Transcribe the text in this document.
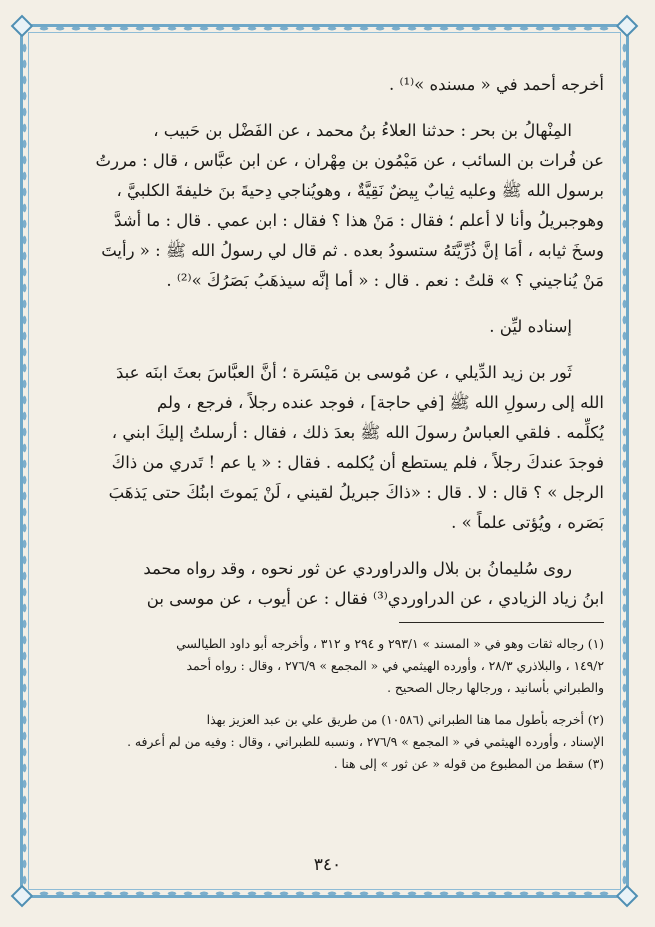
أخرجه أحمد في « مسنده »⁽¹⁾ .
المِنْهالُ بن بحر : حدثنا العلاءُ بنُ محمد ، عن الفَضْل بن حَبيب ،
عن فُرات بن السائب ، عن مَيْمُون بن مِهْران ، عن ابن عبَّاس ، قال : مررتُ
برسول الله ﷺ وعليه ثِيابٌ بِيضٌ نَقِيَّةٌ ، وهويُناجي دِحيةَ بنَ خليفةَ الكلبيَّ ،
وهوجبريلُ وأنا لا أعلم ؛ فقال : مَنْ هذا ؟ فقال : ابن عمي . قال : ما أشدَّ
وسخَ ثيابه ، أمَا إنَّ ذُرِّيَّتَهُ ستسودُ بعده . ثم قال لي رسولُ الله ﷺ : « رأيتَ
مَنْ يُناجيني ؟ » قلتُ : نعم . قال : « أما إنَّه سيذهَبُ بَصَرُكَ »⁽²⁾ .
إسناده ليِّن .
ثَور بن زيد الدِّيلي ، عن مُوسى بن مَيْسَرة ؛ أنَّ العبَّاسَ بعثَ ابنَه عبدَ
الله إلى رسولِ الله ﷺ [في حاجة] ، فوجد عنده رجلاً ، فرجع ، ولم
يُكلِّمه . فلقي العباسُ رسولَ الله ﷺ بعدَ ذلك ، فقال : أرسلتُ إليكَ ابني ،
فوجدَ عندكَ رجلاً ، فلم يستطع أن يُكلمه . فقال : « يا عم ! تَدري من ذاكَ
الرجل » ؟ قال : لا . قال : «ذاكَ جبريلُ لقيني ، لَنْ يَموتَ ابنُكَ حتى يَذهَبَ
بَصَره ، ويُؤتى علماً » .
روى سُليمانُ بن بلال والدراوردي عن ثور نحوه ، وقد رواه محمد
ابنُ زياد الزيادي ، عن الدراوردي⁽³⁾ فقال : عن أيوب ، عن موسى بن
(١) رجاله ثقات وهو في « المسند » ٢٩٣/١ و ٢٩٤ و ٣١٢ ، وأخرجه أبو داود الطيالسي
١٤٩/٢ ، والبلاذري ٢٨/٣ ، وأورده الهيثمي في « المجمع » ٢٧٦/٩ ، وقال : رواه أحمد
والطبراني بأسانيد ، ورجالها رجال الصحيح .
(٢) أخرجه بأطول مما هنا الطبراني (١٠٥٨٦) من طريق علي بن عبد العزيز بهذا
الإسناد ، وأورده الهيثمي في « المجمع » ٢٧٦/٩ ، ونسبه للطبراني ، وقال : وفيه من لم أعرفه .
(٣) سقط من المطبوع من قوله « عن ثور » إلى هنا .
٣٤٠
